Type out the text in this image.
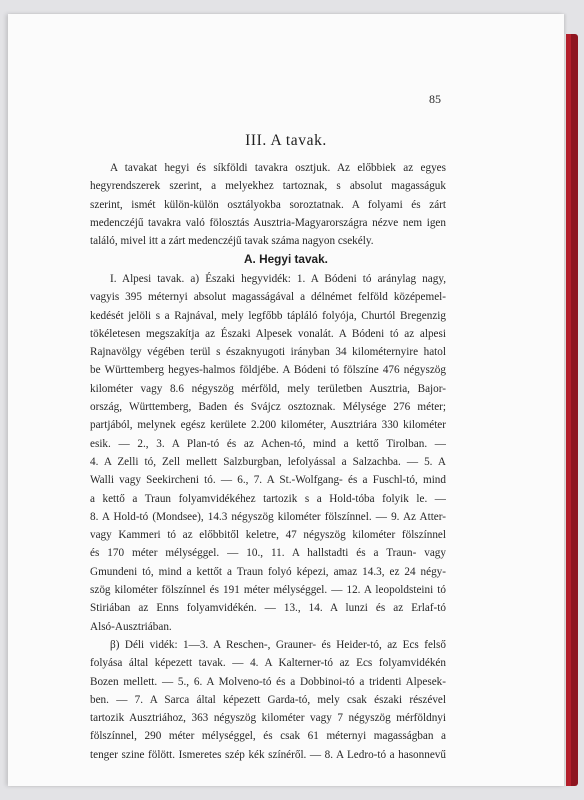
85
III. A tavak.
A tavakat hegyi és síkföldi tavakra osztjuk. Az előbbiek az egyes
hegyrendszerek szerint, a melyekhez tartoznak, s absolut magasságuk
szerint, ismét külön-külön osztályokba soroztatnak. A folyami és zárt
medenczéjű tavakra való fölosztás Ausztria-Magyarországra nézve nem igen
találó, mivel itt a zárt medenczéjű tavak száma nagyon csekély.
A. Hegyi tavak.
I. Alpesi tavak. a) Északi hegyvidék: 1. A Bódeni tó aránylag nagy,
vagyis 395 méternyi absolut magasságával a délnémet felföld középemel-
kedését jelöli s a Rajnával, mely legfőbb tápláló folyója, Churtól Bregenzig
tökéletesen megszakítja az Északi Alpesek vonalát. A Bódeni tó az alpesi
Rajnavölgy végében terül s északnyugoti irányban 34 kilométernyire hatol
be Württemberg hegyes-halmos földjébe. A Bódeni tó fölszíne 476 négyszög
kilométer vagy 8.6 négyszög mérföld, mely területben Ausztria, Bajor-
ország, Württemberg, Baden és Svájcz osztoznak. Mélysége 276 méter;
partjából, melynek egész kerülete 2.200 kilométer, Ausztriára 330 kilométer
esik. — 2., 3. A Plan-tó és az Achen-tó, mind a kettő Tirolban. —
4. A Zelli tó, Zell mellett Salzburgban, lefolyással a Salzachba. — 5. A
Walli vagy Seekircheni tó. — 6., 7. A St.-Wolfgang- és a Fuschl-tó, mind
a kettő a Traun folyamvidékéhez tartozik s a Hold-tóba folyik le. —
8. A Hold-tó (Mondsee), 14.3 négyszög kilométer fölszínnel. — 9. Az Atter-
vagy Kammeri tó az előbbitől keletre, 47 négyszög kilométer fölszínnel
és 170 méter mélységgel. — 10., 11. A hallstadti és a Traun- vagy
Gmundeni tó, mind a kettőt a Traun folyó képezi, amaz 14.3, ez 24 négy-
szög kilométer fölszínnel és 191 méter mélységgel. — 12. A leopoldsteini tó
Stiriában az Enns folyamvidékén. — 13., 14. A lunzi és az Erlaf-tó
Alsó-Ausztriában.
β) Déli vidék: 1—3. A Reschen-, Grauner- és Heider-tó, az Ecs felső
folyása által képezett tavak. — 4. A Kalterner-tó az Ecs folyamvidékén
Bozen mellett. — 5., 6. A Molveno-tó és a Dobbinoi-tó a tridenti Alpesek-
ben. — 7. A Sarca által képezett Garda-tó, mely csak északi részével
tartozik Ausztriához, 363 négyszög kilométer vagy 7 négyszög mérföldnyi
fölszínnel, 290 méter mélységgel, és csak 61 méternyi magasságban a
tenger szine fölött. Ismeretes szép kék színéről. — 8. A Ledro-tó a hasonnevű
